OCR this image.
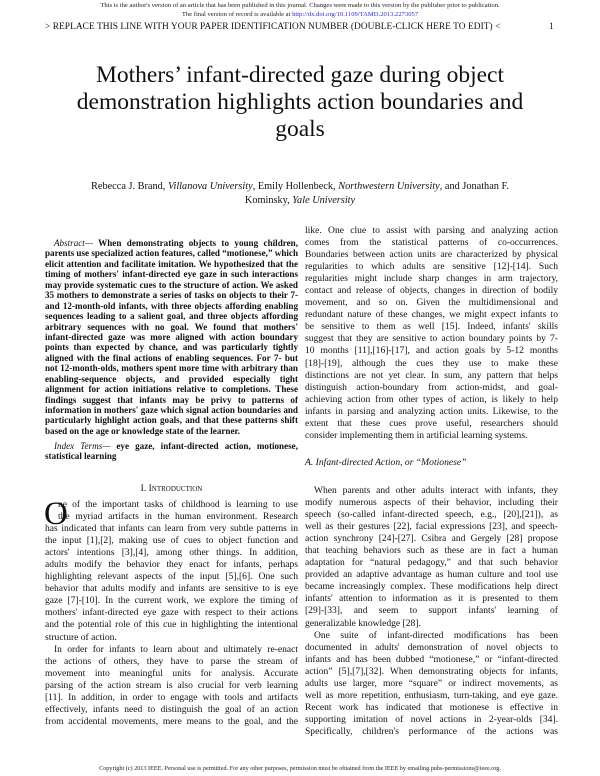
This is the author's version of an article that has been published in this journal. Changes were made to this version by the publisher prior to publication.
The final version of record is available at http://dx.doi.org/10.1109/TAMD.2013.2273057
> REPLACE THIS LINE WITH YOUR PAPER IDENTIFICATION NUMBER (DOUBLE-CLICK HERE TO EDIT) <	1
Mothers’ infant-directed gaze during object
demonstration highlights action boundaries and
goals
Rebecca J. Brand, Villanova University, Emily Hollenbeck, Northwestern University, and Jonathan F.
Kominsky, Yale University
Abstract— When demonstrating objects to young children,
parents use specialized action features, called “motionese,” which
elicit attention and facilitate imitation. We hypothesized that the
timing of mothers' infant-directed eye gaze in such interactions
may provide systematic cues to the structure of action. We asked
35 mothers to demonstrate a series of tasks on objects to their 7-
and 12-month-old infants, with three objects affording enabling
sequences leading to a salient goal, and three objects affording
arbitrary sequences with no goal. We found that mothers'
infant-directed gaze was more aligned with action boundary
points than expected by chance, and was particularly tightly
aligned with the final actions of enabling sequences. For 7- but
not 12-month-olds, mothers spent more time with arbitrary than
enabling-sequence objects, and provided especially tight
alignment for action initiations relative to completions. These
findings suggest that infants may be privy to patterns of
information in mothers' gaze which signal action boundaries and
particularly highlight action goals, and that these patterns shift
based on the age or knowledge state of the learner.
Index Terms— eye gaze, infant-directed action, motionese,
statistical learning
I. Introduction
O
ne of the important tasks of childhood is learning to use
the myriad artifacts in the human environment. Research
has indicated that infants can learn from very subtle patterns in
the input [1],[2], making use of cues to object function and
actors' intentions [3],[4], among other things. In addition,
adults modify the behavior they enact for infants, perhaps
highlighting relevant aspects of the input [5],[6]. One such
behavior that adults modify and infants are sensitive to is eye
gaze [7]-[10]. In the current work, we explore the timing of
mothers' infant-directed eye gaze with respect to their actions
and the potential role of this cue in highlighting the intentional
structure of action.
In order for infants to learn about and ultimately re-enact
the actions of others, they have to parse the stream of
movement into meaningful units for analysis. Accurate
parsing of the action stream is also crucial for verb learning
[11]. In addition, in order to engage with tools and artifacts
effectively, infants need to distinguish the goal of an action
from accidental movements, mere means to the goal, and the
like. One clue to assist with parsing and analyzing action
comes from the statistical patterns of co-occurrences.
Boundaries between action units are characterized by physical
regularities to which adults are sensitive [12]-[14]. Such
regularities might include sharp changes in arm trajectory,
contact and release of objects, changes in direction of bodily
movement, and so on. Given the multidimensional and
redundant nature of these changes, we might expect infants to
be sensitive to them as well [15]. Indeed, infants' skills
suggest that they are sensitive to action boundary points by 7-
10 months [11],[16]-[17], and action goals by 5-12 months
[18]-[19], although the cues they use to make these
distinctions are not yet clear. In sum, any pattern that helps
distinguish action-boundary from action-midst, and goal-
achieving action from other types of action, is likely to help
infants in parsing and analyzing action units. Likewise, to the
extent that these cues prove useful, researchers should
consider implementing them in artificial learning systems.
A. Infant-directed Action, or “Motionese”
When parents and other adults interact with infants, they
modify numerous aspects of their behavior, including their
speech (so-called infant-directed speech, e.g., [20],[21]), as
well as their gestures [22], facial expressions [23], and speech-
action synchrony [24]-[27]. Csibra and Gergely [28] propose
that teaching behaviors such as these are in fact a human
adaptation for “natural pedagogy,” and that such behavior
provided an adaptive advantage as human culture and tool use
became increasingly complex. These modifications help direct
infants' attention to information as it is presented to them
[29]-[33], and seem to support infants' learning of
generalizable knowledge [28].
One suite of infant-directed modifications has been
documented in adults' demonstration of novel objects to
infants and has been dubbed “motionese,” or “infant-directed
action” [5],[7],[32]. When demonstrating objects for infants,
adults use larger, more “square” or indirect movements, as
well as more repetition, enthusiasm, turn-taking, and eye gaze.
Recent work has indicated that motionese is effective in
supporting imitation of novel actions in 2-year-olds [34].
Specifically, children's performance of the actions was
Copyright (c) 2013 IEEE. Personal use is permitted. For any other purposes, permission must be obtained from the IEEE by emailing pubs-permissions@ieee.org.
